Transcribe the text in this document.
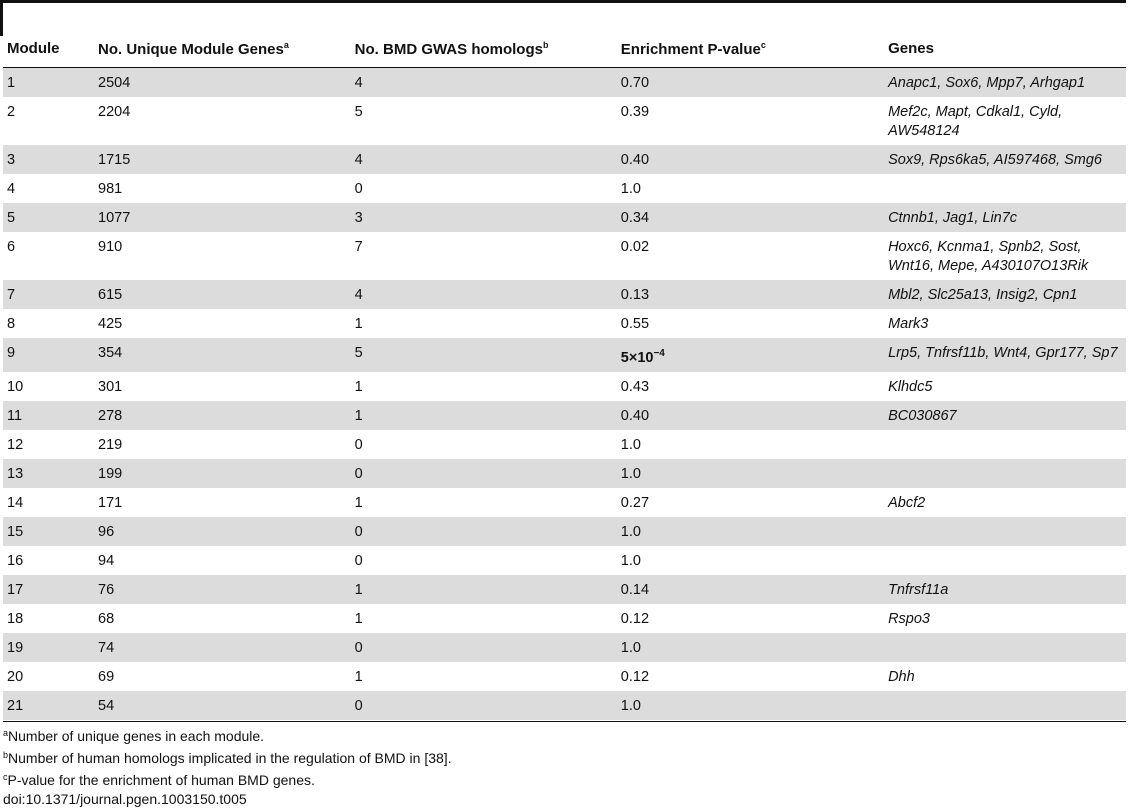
Module	No. Unique Module Genes$^a$	No. BMD GWAS homologs$^b$	Enrichment P-value$^c$	Genes
1	2504	4	0.70	Anapc1, Sox6, Mpp7, Arhgap1
2	2204	5	0.39	Mef2c, Mapt, Cdkal1, Cyld, AW548124
3	1715	4	0.40	Sox9, Rps6ka5, AI597468, Smg6
4	981	0	1.0	
5	1077	3	0.34	Ctnnb1, Jag1, Lin7c
6	910	7	0.02	Hoxc6, Kcnma1, Spnb2, Sost, Wnt16, Mepe, A430107O13Rik
7	615	4	0.13	Mbl2, Slc25a13, Insig2, Cpn1
8	425	1	0.55	Mark3
9	354	5	$5\times 10^{-4}$	Lrp5, Tnfrsf11b, Wnt4, Gpr177, Sp7
10	301	1	0.43	Klhdc5
11	278	1	0.40	BC030867
12	219	0	1.0	
13	199	0	1.0	
14	171	1	0.27	Abcf2
15	96	0	1.0	
16	94	0	1.0	
17	76	1	0.14	Tnfrsf11a
18	68	1	0.12	Rspo3
19	74	0	1.0	
20	69	1	0.12	Dhh
21	54	0	1.0	
$^a$Number of unique genes in each module.
$^b$Number of human homologs implicated in the regulation of BMD in [38].
$^c$P-value for the enrichment of human BMD genes.
doi:10.1371/journal.pgen.1003150.t005
